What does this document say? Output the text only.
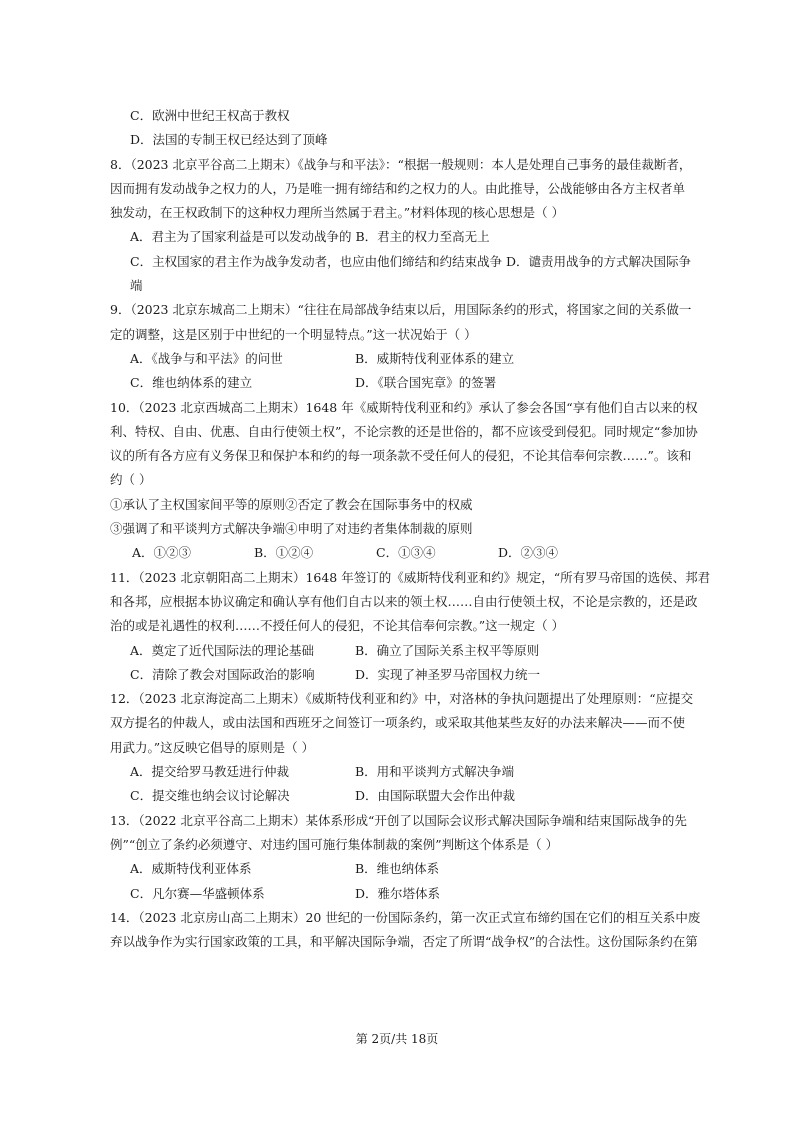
C．欧洲中世纪王权高于教权
D．法国的专制王权已经达到了顶峰
8．（2023 北京平谷高二上期末）《战争与和平法》：“根据一般规则：本人是处理自己事务的最佳裁断者，
因而拥有发动战争之权力的人，乃是唯一拥有缔结和约之权力的人。由此推导，公战能够由各方主权者单
独发动，在王权政制下的这种权力理所当然属于君主。”材料体现的核心思想是（ ）
A．君主为了国家利益是可以发动战争的 B．君主的权力至高无上
C．主权国家的君主作为战争发动者，也应由他们缔结和约结束战争 D．谴责用战争的方式解决国际争
端
9．（2023 北京东城高二上期末）“往往在局部战争结束以后，用国际条约的形式，将国家之间的关系做一
定的调整，这是区别于中世纪的一个明显特点。”这一状况始于（ ）
A．《战争与和平法》的问世	B．威斯特伐利亚体系的建立
C．维也纳体系的建立	D．《联合国宪章》的签署
10．（2023 北京西城高二上期末）1648 年《威斯特伐利亚和约》承认了参会各国“享有他们自古以来的权
利、特权、自由、优惠、自由行使领土权”，不论宗教的还是世俗的，都不应该受到侵犯。同时规定“参加协
议的所有各方应有义务保卫和保护本和约的每一项条款不受任何人的侵犯，不论其信奉何宗教……”。该和
约（ ）
①承认了主权国家间平等的原则②否定了教会在国际事务中的权威
③强调了和平谈判方式解决争端④申明了对违约者集体制裁的原则
A．①②③	B．①②④	C．①③④	D．②③④
11．（2023 北京朝阳高二上期末）1648 年签订的《威斯特伐利亚和约》规定，“所有罗马帝国的选侯、邦君
和各邦，应根据本协议确定和确认享有他们自古以来的领土权……自由行使领土权，不论是宗教的，还是政
治的或是礼遇性的权利……不授任何人的侵犯，不论其信奉何宗教。”这一规定（ ）
A．奠定了近代国际法的理论基础	B．确立了国际关系主权平等原则
C．清除了教会对国际政治的影响	D．实现了神圣罗马帝国权力统一
12．（2023 北京海淀高二上期末）《威斯特伐利亚和约》中，对洛林的争执问题提出了处理原则：“应提交
双方提名的仲裁人，或由法国和西班牙之间签订一项条约，或采取其他某些友好的办法来解决——而不使
用武力。”这反映它倡导的原则是（ ）
A．提交给罗马教廷进行仲裁	B．用和平谈判方式解决争端
C．提交维也纳会议讨论解决	D．由国际联盟大会作出仲裁
13．（2022 北京平谷高二上期末）某体系形成“开创了以国际会议形式解决国际争端和结束国际战争的先
例”“创立了条约必须遵守、对违约国可施行集体制裁的案例”判断这个体系是（ ）
A．威斯特伐利亚体系	B．维也纳体系
C．凡尔赛—华盛顿体系	D．雅尔塔体系
14．（2023 北京房山高二上期末）20 世纪的一份国际条约，第一次正式宣布缔约国在它们的相互关系中废
弃以战争作为实行国家政策的工具，和平解决国际争端，否定了所谓“战争权”的合法性。这份国际条约在第
第 2页/共 18页
